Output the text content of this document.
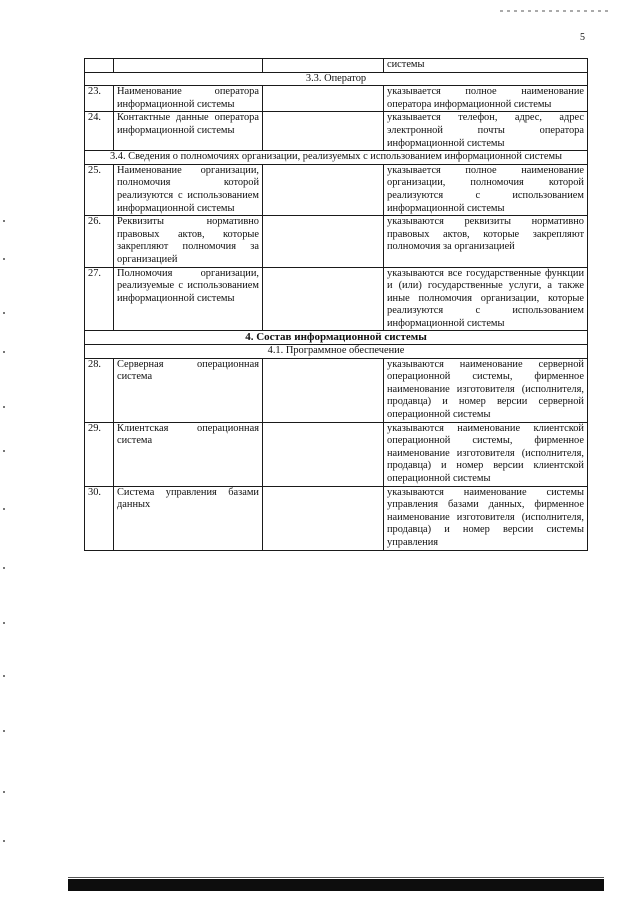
5
			системы
3.3. Оператор			
23.	Наименование оператора информационной системы		указывается полное наименование оператора информационной системы
24.	Контактные данные оператора информационной системы		указывается телефон, адрес, адрес электронной почты оператора информационной системы
3.4. Сведения о полномочиях организации, реализуемых с использованием информационной системы			
25.	Наименование организации, полномочия которой реализуются с использованием информационной системы		указывается полное наименование организации, полномочия которой реализуются с использованием информационной системы
26.	Реквизиты нормативно правовых актов, которые закрепляют полномочия за организацией		указываются реквизиты нормативно правовых актов, которые закрепляют полномочия за организацией
27.	Полномочия организации, реализуемые с использованием информационной системы		указываются все государственные функции и (или) государственные услуги, а также иные полномочия организации, которые реализуются с использованием информационной системы
4. Состав информационной системы			
4.1. Программное обеспечение			
28.	Серверная операционная система		указываются наименование серверной операционной системы, фирменное наименование изготовителя (исполнителя, продавца) и номер версии серверной операционной системы
29.	Клиентская операционная система		указываются наименование клиентской операционной системы, фирменное наименование изготовителя (исполнителя, продавца) и номер версии клиентской операционной системы
30.	Система управления базами данных		указываются наименование системы управления базами данных, фирменное наименование изготовителя (исполнителя, продавца) и номер версии системы управления
